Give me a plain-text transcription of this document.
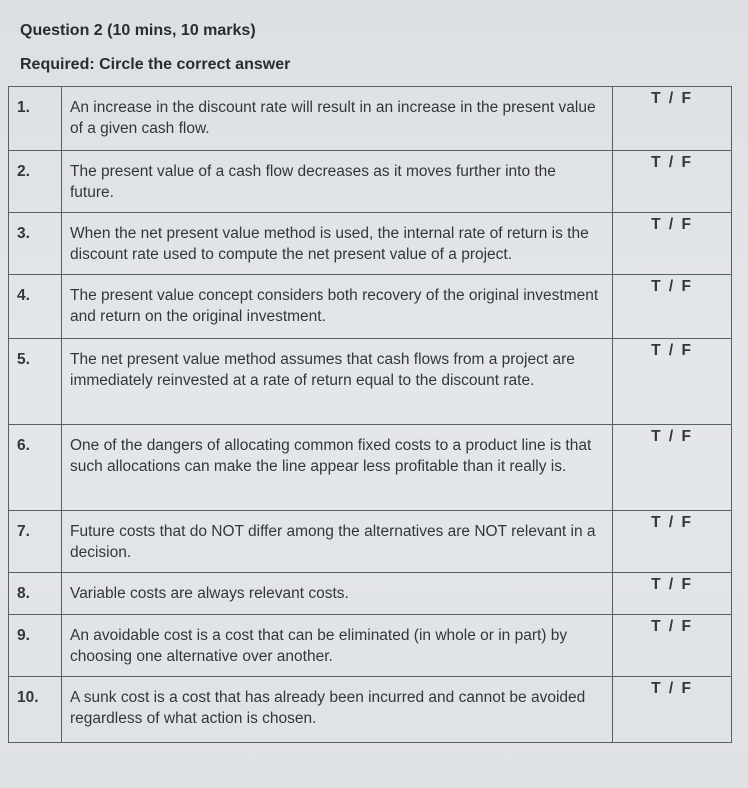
Question 2 (10 mins, 10 marks)
Required: Circle the correct answer
1.	An increase in the discount rate will result in an increase in the present value of a given cash flow.	T / F
2.	The present value of a cash flow decreases as it moves further into the future.	T / F
3.	When the net present value method is used, the internal rate of return is the discount rate used to compute the net present value of a project.	T / F
4.	The present value concept considers both recovery of the original investment and return on the original investment.	T / F
5.	The net present value method assumes that cash flows from a project are immediately reinvested at a rate of return equal to the discount rate.	T / F
6.	One of the dangers of allocating common fixed costs to a product line is that such allocations can make the line appear less profitable than it really is.	T / F
7.	Future costs that do NOT differ among the alternatives are NOT relevant in a decision.	T / F
8.	Variable costs are always relevant costs.	T / F
9.	An avoidable cost is a cost that can be eliminated (in whole or in part) by choosing one alternative over another.	T / F
10.	A sunk cost is a cost that has already been incurred and cannot be avoided regardless of what action is chosen.	T / F
